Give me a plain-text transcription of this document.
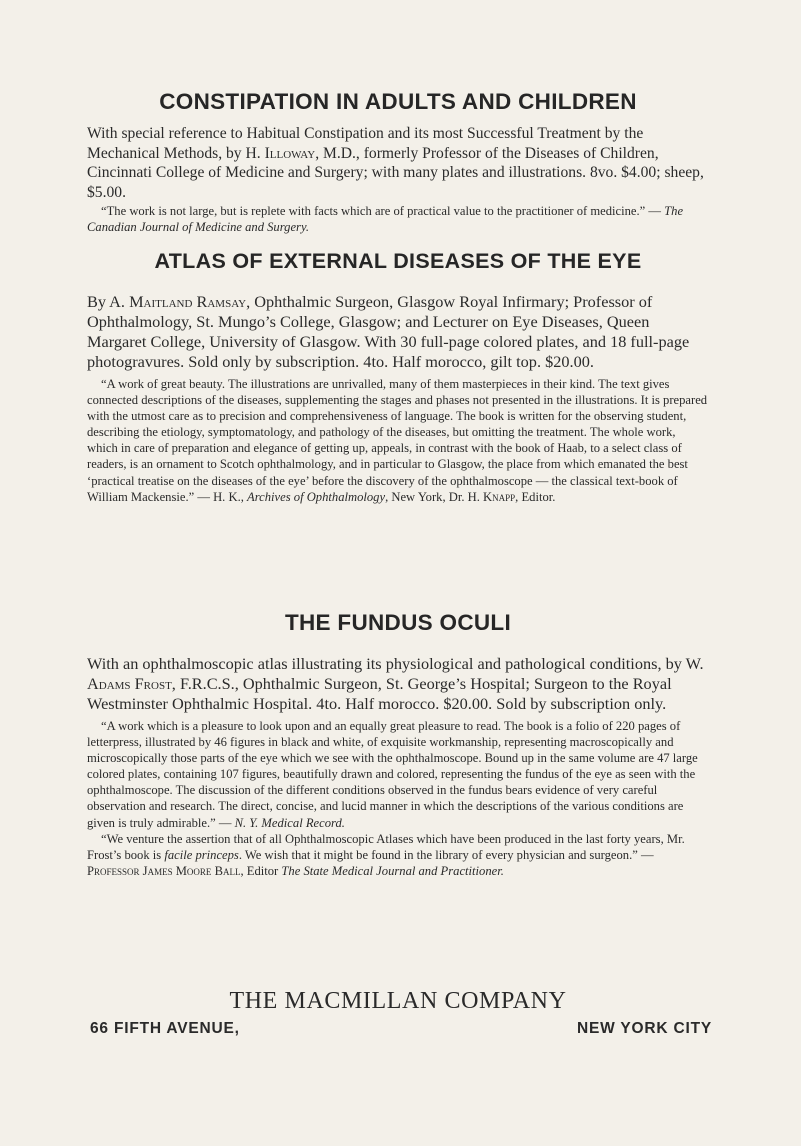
CONSTIPATION IN ADULTS AND CHILDREN

With special reference to Habitual Constipation and its most Successful Treatment by the Mechanical Methods, by H. Illoway, M.D., formerly Professor of the Diseases of Children, Cincinnati College of Medicine and Surgery; with many plates and illustrations. 8vo. $4.00; sheep, $5.00.

“The work is not large, but is replete with facts which are of practical value to the practitioner of medicine.” — The Canadian Journal of Medicine and Surgery.

ATLAS OF EXTERNAL DISEASES OF THE EYE

By A. Maitland Ramsay, Ophthalmic Surgeon, Glasgow Royal Infirmary; Professor of Ophthalmology, St. Mungo’s College, Glasgow; and Lecturer on Eye Diseases, Queen Margaret College, University of Glasgow. With 30 full-page colored plates, and 18 full-page photogravures. Sold only by subscription. 4to. Half morocco, gilt top. $20.00.

“A work of great beauty. The illustrations are unrivalled, many of them masterpieces in their kind. The text gives connected descriptions of the diseases, supplementing the stages and phases not presented in the illustrations. It is prepared with the utmost care as to precision and comprehensiveness of language. The book is written for the observing student, describing the etiology, symptomatology, and pathology of the diseases, but omitting the treatment. The whole work, which in care of preparation and elegance of getting up, appeals, in contrast with the book of Haab, to a select class of readers, is an ornament to Scotch ophthalmology, and in particular to Glasgow, the place from which emanated the best ‘practical treatise on the diseases of the eye’ before the discovery of the ophthalmoscope — the classical text-book of William Mackensie.” — H. K., Archives of Ophthalmology, New York, Dr. H. Knapp, Editor.

THE FUNDUS OCULI

With an ophthalmoscopic atlas illustrating its physiological and pathological conditions, by W. Adams Frost, F.R.C.S., Ophthalmic Surgeon, St. George’s Hospital; Surgeon to the Royal Westminster Ophthalmic Hospital. 4to. Half morocco. $20.00. Sold by subscription only.

“A work which is a pleasure to look upon and an equally great pleasure to read. The book is a folio of 220 pages of letterpress, illustrated by 46 figures in black and white, of exquisite workmanship, representing macroscopically and microscopically those parts of the eye which we see with the ophthalmoscope. Bound up in the same volume are 47 large colored plates, containing 107 figures, beautifully drawn and colored, representing the fundus of the eye as seen with the ophthalmoscope. The discussion of the different conditions observed in the fundus bears evidence of very careful observation and research. The direct, concise, and lucid manner in which the descriptions of the various conditions are given is truly admirable.” — N. Y. Medical Record.

“We venture the assertion that of all Ophthalmoscopic Atlases which have been produced in the last forty years, Mr. Frost’s book is facile princeps. We wish that it might be found in the library of every physician and surgeon.” — Professor James Moore Ball, Editor The State Medical Journal and Practitioner.

THE MACMILLAN COMPANY

66 FIFTH AVENUE,	NEW YORK CITY
